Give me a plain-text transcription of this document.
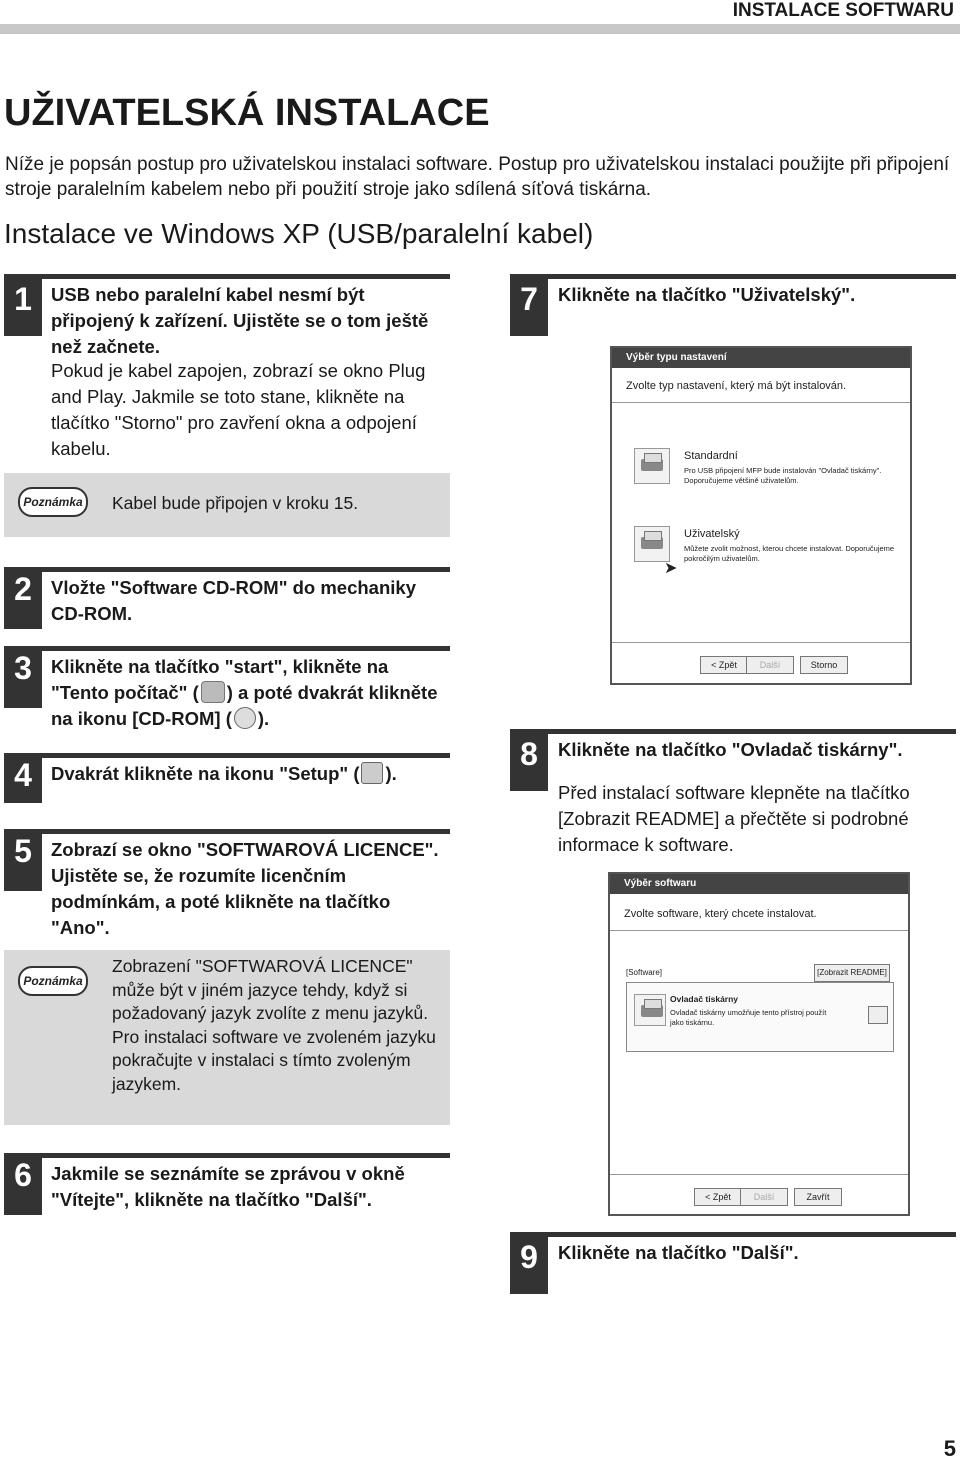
INSTALACE SOFTWARU
UŽIVATELSKÁ INSTALACE
Níže je popsán postup pro uživatelskou instalaci software. Postup pro uživatelskou instalaci použijte při připojení stroje paralelním kabelem nebo při použití stroje jako sdílená síťová tiskárna.
Instalace ve Windows XP (USB/paralelní kabel)
1	USB nebo paralelní kabel nesmí být připojený k zařízení. Ujistěte se o tom ještě než začnete.
Pokud je kabel zapojen, zobrazí se okno Plug and Play. Jakmile se toto stane, klikněte na tlačítko "Storno" pro zavření okna a odpojení kabelu.
Poznámka	Kabel bude připojen v kroku 15.
2	Vložte "Software CD-ROM" do mechaniky CD-ROM.
3	Klikněte na tlačítko "start", klikněte na "Tento počítač" ( ) a poté dvakrát klikněte na ikonu [CD-ROM] ( ).
4	Dvakrát klikněte na ikonu "Setup" ( ).
5	Zobrazí se okno "SOFTWAROVÁ LICENCE". Ujistěte se, že rozumíte licenčním podmínkám, a poté klikněte na tlačítko "Ano".
Poznámka
Zobrazení "SOFTWAROVÁ LICENCE" může být v jiném jazyce tehdy, když si požadovaný jazyk zvolíte z menu jazyků. Pro instalaci software ve zvoleném jazyku pokračujte v instalaci s tímto zvoleným jazykem.
6	Jakmile se seznámíte se zprávou v okně "Vítejte", klikněte na tlačítko "Další".
7	Klikněte na tlačítko "Uživatelský".
Výběr typu nastavení
Zvolte typ nastavení, který má být instalován.
Standardní
Pro USB připojení MFP bude instalován "Ovladač tiskárny".
Doporučujeme většině uživatelům.
Uživatelský
Můžete zvolit možnost, kterou chcete instalovat. Doporučujeme
pokročilým uživatelům.
➤
< Zpět	Další	Storno
8	Klikněte na tlačítko "Ovladač tiskárny".
Před instalací software klepněte na tlačítko [Zobrazit README] a přečtěte si podrobné informace k software.
Výběr softwaru
Zvolte software, který chcete instalovat.
[Software]	[Zobrazit README]
Ovladač tiskárny
Ovladač tiskárny umožňuje tento přístroj použít
jako tiskárnu.
< Zpět	Další	Zavřít
9	Klikněte na tlačítko "Další".
5
